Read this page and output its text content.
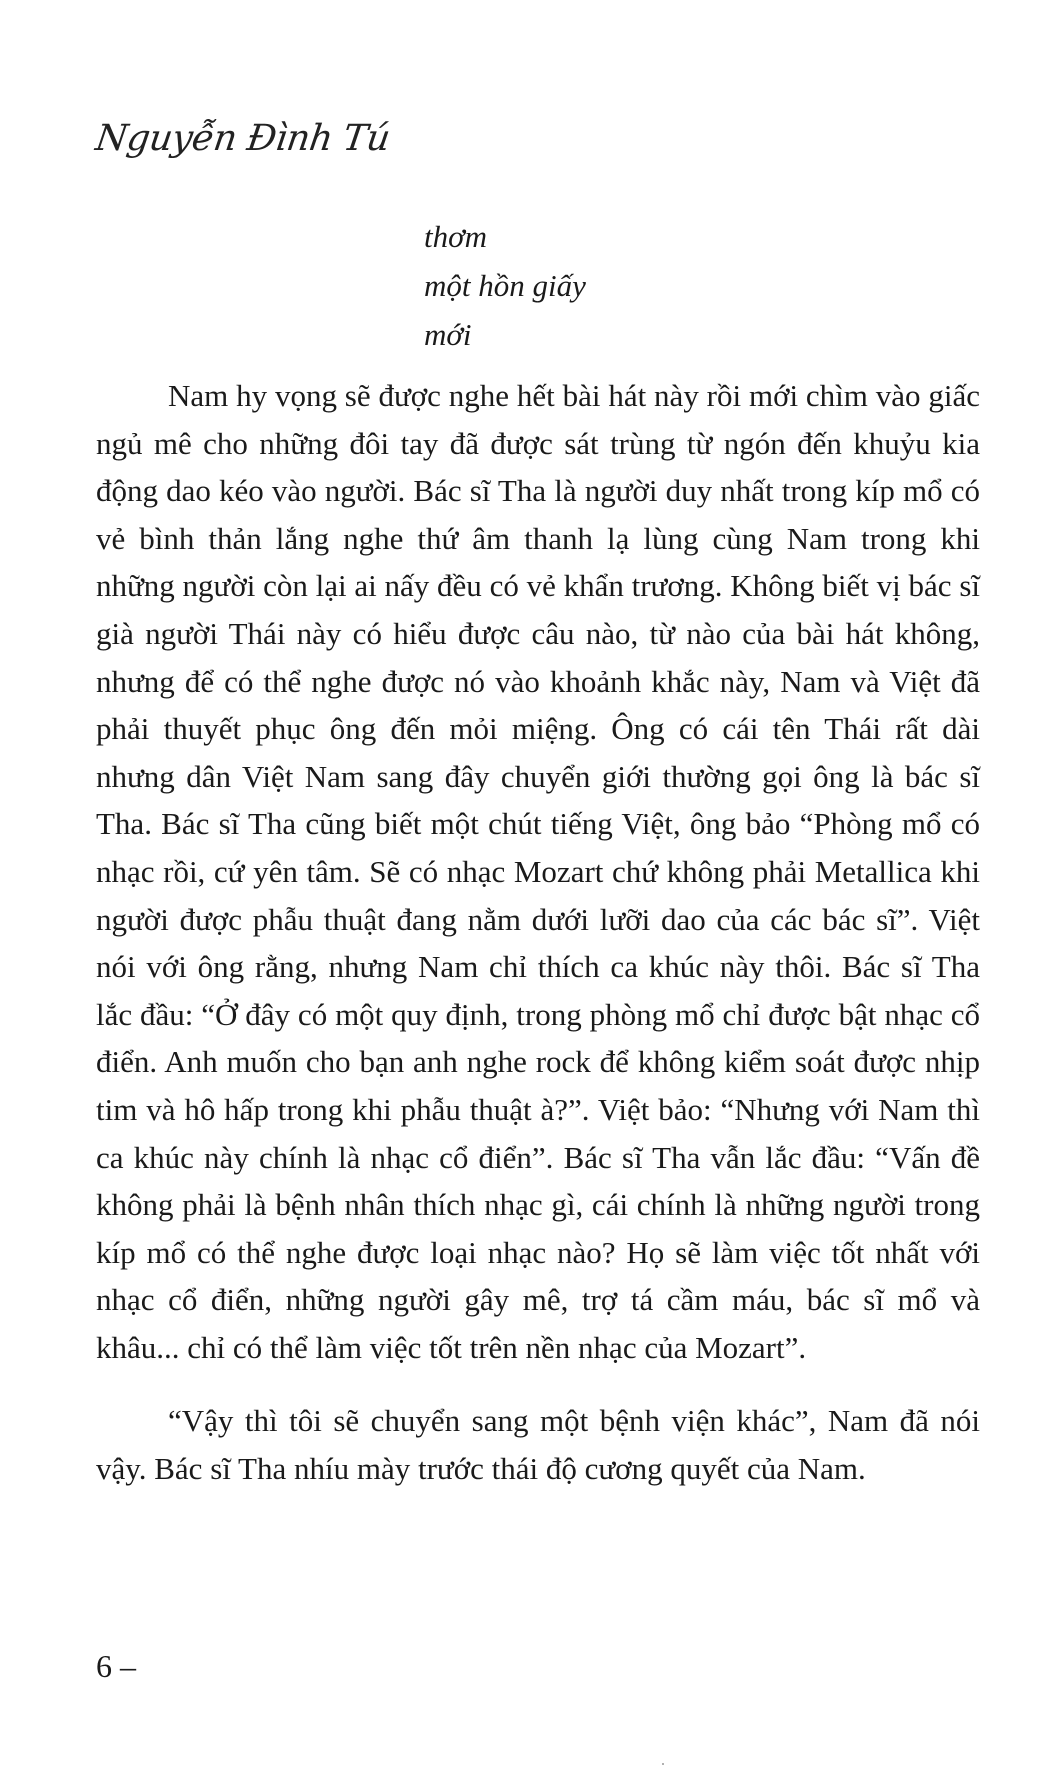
Nguyễn Đình Tú
thơm
một hồn giấy
mới

Nam hy vọng sẽ được nghe hết bài hát này rồi mới chìm vào giấc ngủ mê cho những đôi tay đã được sát trùng từ ngón đến khuỷu kia động dao kéo vào người. Bác sĩ Tha là người duy nhất trong kíp mổ có vẻ bình thản lắng nghe thứ âm thanh lạ lùng cùng Nam trong khi những người còn lại ai nấy đều có vẻ khẩn trương. Không biết vị bác sĩ già người Thái này có hiểu được câu nào, từ nào của bài hát không, nhưng để có thể nghe được nó vào khoảnh khắc này, Nam và Việt đã phải thuyết phục ông đến mỏi miệng. Ông có cái tên Thái rất dài nhưng dân Việt Nam sang đây chuyển giới thường gọi ông là bác sĩ Tha. Bác sĩ Tha cũng biết một chút tiếng Việt, ông bảo “Phòng mổ có nhạc rồi, cứ yên tâm. Sẽ có nhạc Mozart chứ không phải Metallica khi người được phẫu thuật đang nằm dưới lưỡi dao của các bác sĩ”. Việt nói với ông rằng, nhưng Nam chỉ thích ca khúc này thôi. Bác sĩ Tha lắc đầu: “Ở đây có một quy định, trong phòng mổ chỉ được bật nhạc cổ điển. Anh muốn cho bạn anh nghe rock để không kiểm soát được nhịp tim và hô hấp trong khi phẫu thuật à?”. Việt bảo: “Nhưng với Nam thì ca khúc này chính là nhạc cổ điển”. Bác sĩ Tha vẫn lắc đầu: “Vấn đề không phải là bệnh nhân thích nhạc gì, cái chính là những người trong kíp mổ có thể nghe được loại nhạc nào? Họ sẽ làm việc tốt nhất với nhạc cổ điển, những người gây mê, trợ tá cầm máu, bác sĩ mổ và khâu... chỉ có thể làm việc tốt trên nền nhạc của Mozart”.

“Vậy thì tôi sẽ chuyển sang một bệnh viện khác”, Nam đã nói vậy. Bác sĩ Tha nhíu mày trước thái độ cương quyết của Nam.

6 –
